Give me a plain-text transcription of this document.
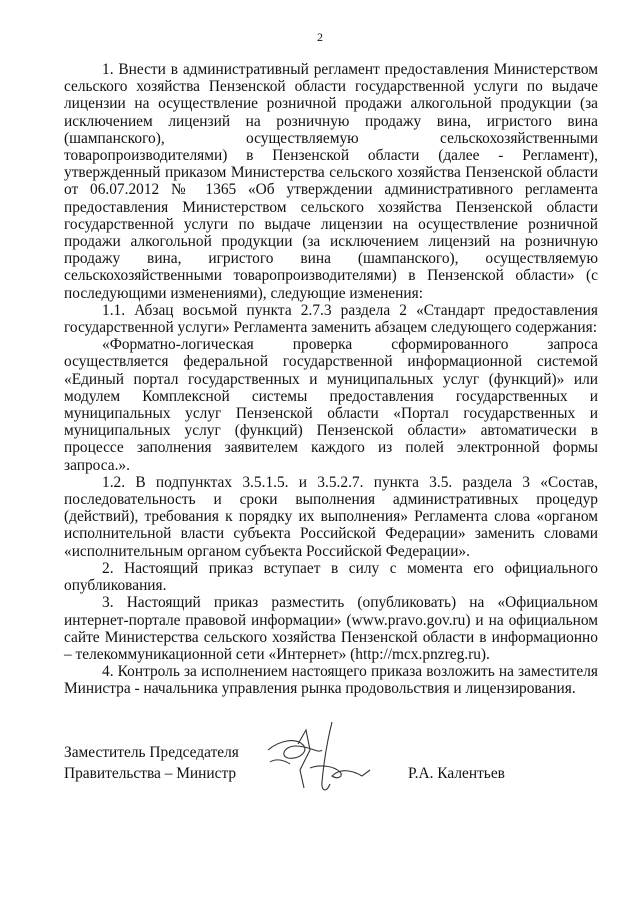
2

1. Внести в административный регламент предоставления Министерством сельского хозяйства Пензенской области государственной услуги по выдаче лицензии на осуществление розничной продажи алкогольной продукции (за исключением лицензий на розничную продажу вина, игристого вина (шампанского), осуществляемую сельскохозяйственными товаропроизводителями) в Пензенской области (далее - Регламент), утвержденный приказом Министерства сельского хозяйства Пензенской области от 06.07.2012 № 1365 «Об утверждении административного регламента предоставления Министерством сельского хозяйства Пензенской области государственной услуги по выдаче лицензии на осуществление розничной продажи алкогольной продукции (за исключением лицензий на розничную продажу вина, игристого вина (шампанского), осуществляемую сельскохозяйственными товаропроизводителями) в Пензенской области» (с последующими изменениями), следующие изменения:

1.1. Абзац восьмой пункта 2.7.3 раздела 2 «Стандарт предоставления государственной услуги» Регламента заменить абзацем следующего содержания:

«Форматно-логическая проверка сформированного запроса осуществляется федеральной государственной информационной системой «Единый портал государственных и муниципальных услуг (функций)» или модулем Комплексной системы предоставления государственных и муниципальных услуг Пензенской области «Портал государственных и муниципальных услуг (функций) Пензенской области» автоматически в процессе заполнения заявителем каждого из полей электронной формы запроса.».

1.2. В подпунктах 3.5.1.5. и 3.5.2.7. пункта 3.5. раздела 3 «Состав, последовательность и сроки выполнения административных процедур (действий), требования к порядку их выполнения» Регламента слова «органом исполнительной власти субъекта Российской Федерации» заменить словами «исполнительным органом субъекта Российской Федерации».

2. Настоящий приказ вступает в силу с момента его официального опубликования.

3. Настоящий приказ разместить (опубликовать) на «Официальном интернет-портале правовой информации» (www.pravo.gov.ru) и на официальном сайте Министерства сельского хозяйства Пензенской области в информационно – телекоммуникационной сети «Интернет» (http://mcx.pnzreg.ru).

4. Контроль за исполнением настоящего приказа возложить на заместителя Министра - начальника управления рынка продовольствия и лицензирования.

Заместитель Председателя

Правительства – Министр	Р.А. Калентьев
